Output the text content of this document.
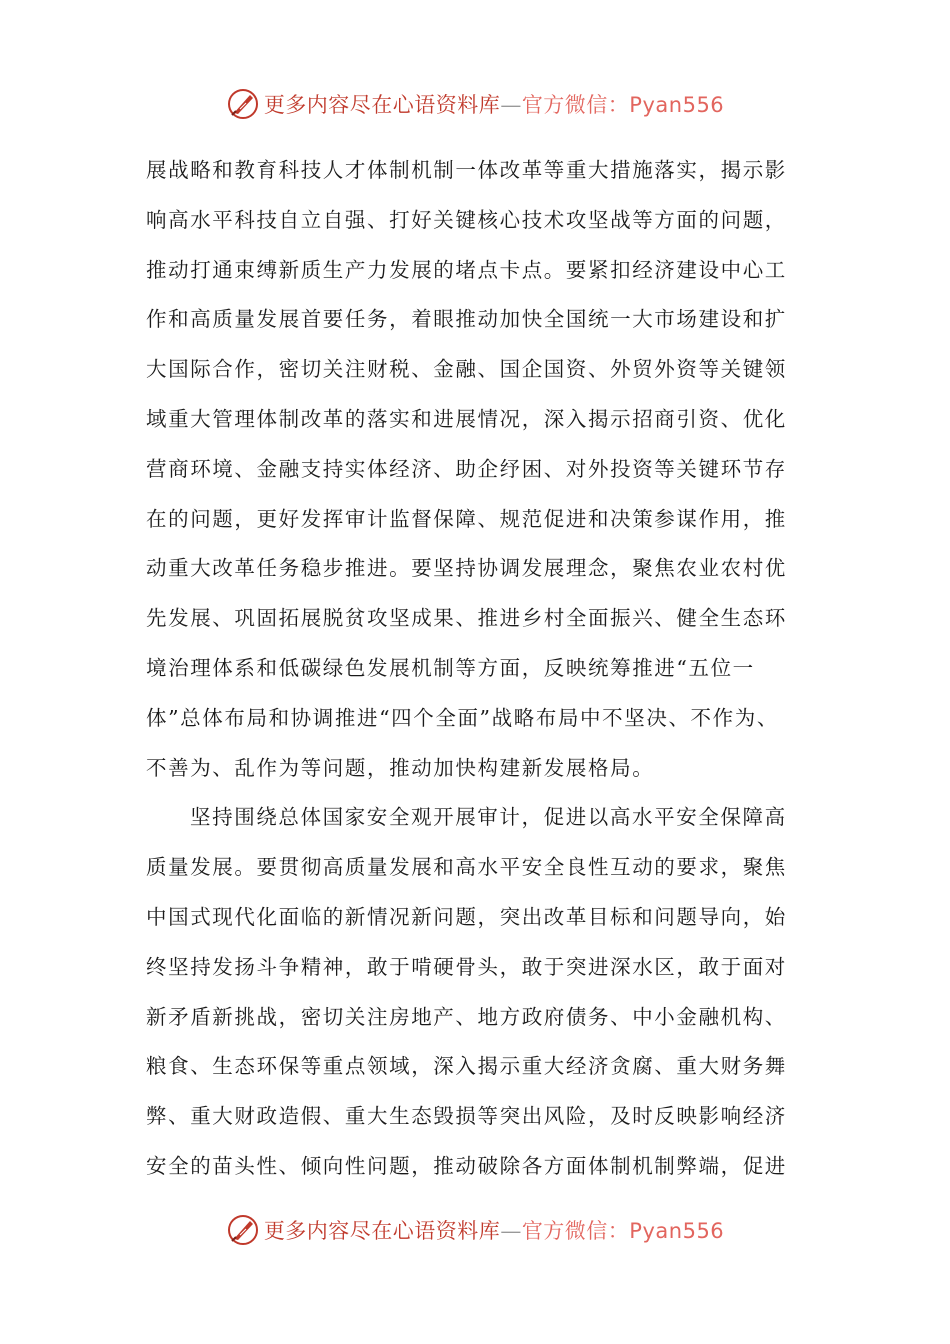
更多内容尽在心语资料库—官方微信：Pyan556
展战略和教育科技人才体制机制一体改革等重大措施落实，揭示影
响高水平科技自立自强、打好关键核心技术攻坚战等方面的问题，
推动打通束缚新质生产力发展的堵点卡点。要紧扣经济建设中心工
作和高质量发展首要任务，着眼推动加快全国统一大市场建设和扩
大国际合作，密切关注财税、金融、国企国资、外贸外资等关键领
域重大管理体制改革的落实和进展情况，深入揭示招商引资、优化
营商环境、金融支持实体经济、助企纾困、对外投资等关键环节存
在的问题，更好发挥审计监督保障、规范促进和决策参谋作用，推
动重大改革任务稳步推进。要坚持协调发展理念，聚焦农业农村优
先发展、巩固拓展脱贫攻坚成果、推进乡村全面振兴、健全生态环
境治理体系和低碳绿色发展机制等方面，反映统筹推进“五位一
体”总体布局和协调推进“四个全面”战略布局中不坚决、不作为、
不善为、乱作为等问题，推动加快构建新发展格局。
坚持围绕总体国家安全观开展审计，促进以高水平安全保障高
质量发展。要贯彻高质量发展和高水平安全良性互动的要求，聚焦
中国式现代化面临的新情况新问题，突出改革目标和问题导向，始
终坚持发扬斗争精神，敢于啃硬骨头，敢于突进深水区，敢于面对
新矛盾新挑战，密切关注房地产、地方政府债务、中小金融机构、
粮食、生态环保等重点领域，深入揭示重大经济贪腐、重大财务舞
弊、重大财政造假、重大生态毁损等突出风险，及时反映影响经济
安全的苗头性、倾向性问题，推动破除各方面体制机制弊端，促进
更多内容尽在心语资料库—官方微信：Pyan556
